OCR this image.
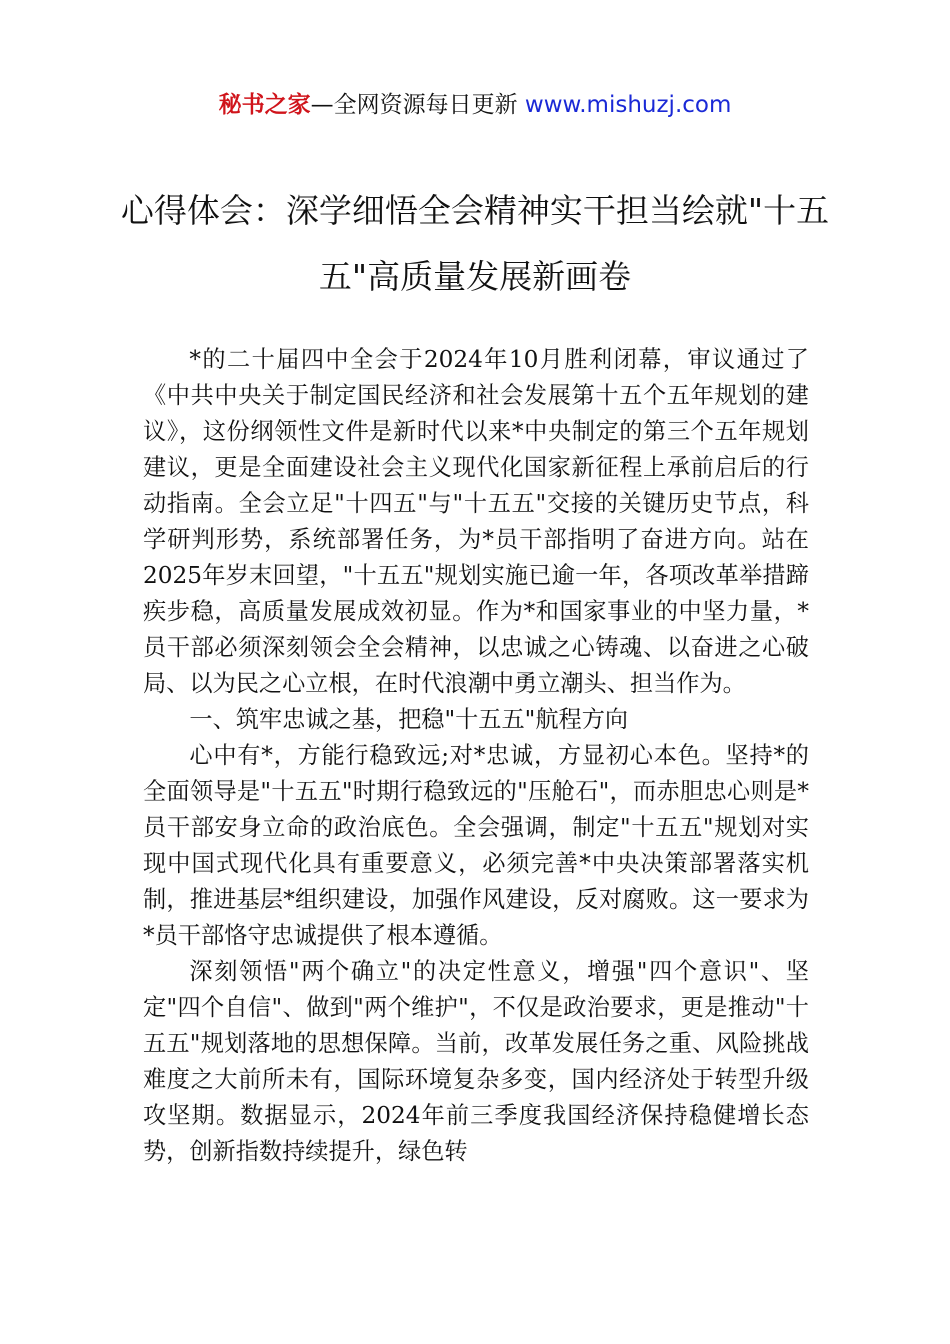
秘书之家—全网资源每日更新 www.mishuzj.com
心得体会：深学细悟全会精神实干担当绘就"十五五"高质量发展新画卷

*的二十届四中全会于2024年10月胜利闭幕，审议通过了《中共中央关于制定国民经济和社会发展第十五个五年规划的建议》，这份纲领性文件是新时代以来*中央制定的第三个五年规划建议，更是全面建设社会主义现代化国家新征程上承前启后的行动指南。全会立足"十四五"与"十五五"交接的关键历史节点，科学研判形势，系统部署任务，为*员干部指明了奋进方向。站在2025年岁末回望，"十五五"规划实施已逾一年，各项改革举措蹄疾步稳，高质量发展成效初显。作为*和国家事业的中坚力量，*员干部必须深刻领会全会精神，以忠诚之心铸魂、以奋进之心破局、以为民之心立根，在时代浪潮中勇立潮头、担当作为。

一、筑牢忠诚之基，把稳"十五五"航程方向

心中有*，方能行稳致远;对*忠诚，方显初心本色。坚持*的全面领导是"十五五"时期行稳致远的"压舱石"，而赤胆忠心则是*员干部安身立命的政治底色。全会强调，制定"十五五"规划对实现中国式现代化具有重要意义，必须完善*中央决策部署落实机制，推进基层*组织建设，加强作风建设，反对腐败。这一要求为*员干部恪守忠诚提供了根本遵循。

深刻领悟"两个确立"的决定性意义，增强"四个意识"、坚定"四个自信"、做到"两个维护"，不仅是政治要求，更是推动"十五五"规划落地的思想保障。当前，改革发展任务之重、风险挑战难度之大前所未有，国际环境复杂多变，国内经济处于转型升级攻坚期。数据显示，2024年前三季度我国经济保持稳健增长态势，创新指数持续提升，绿色转
